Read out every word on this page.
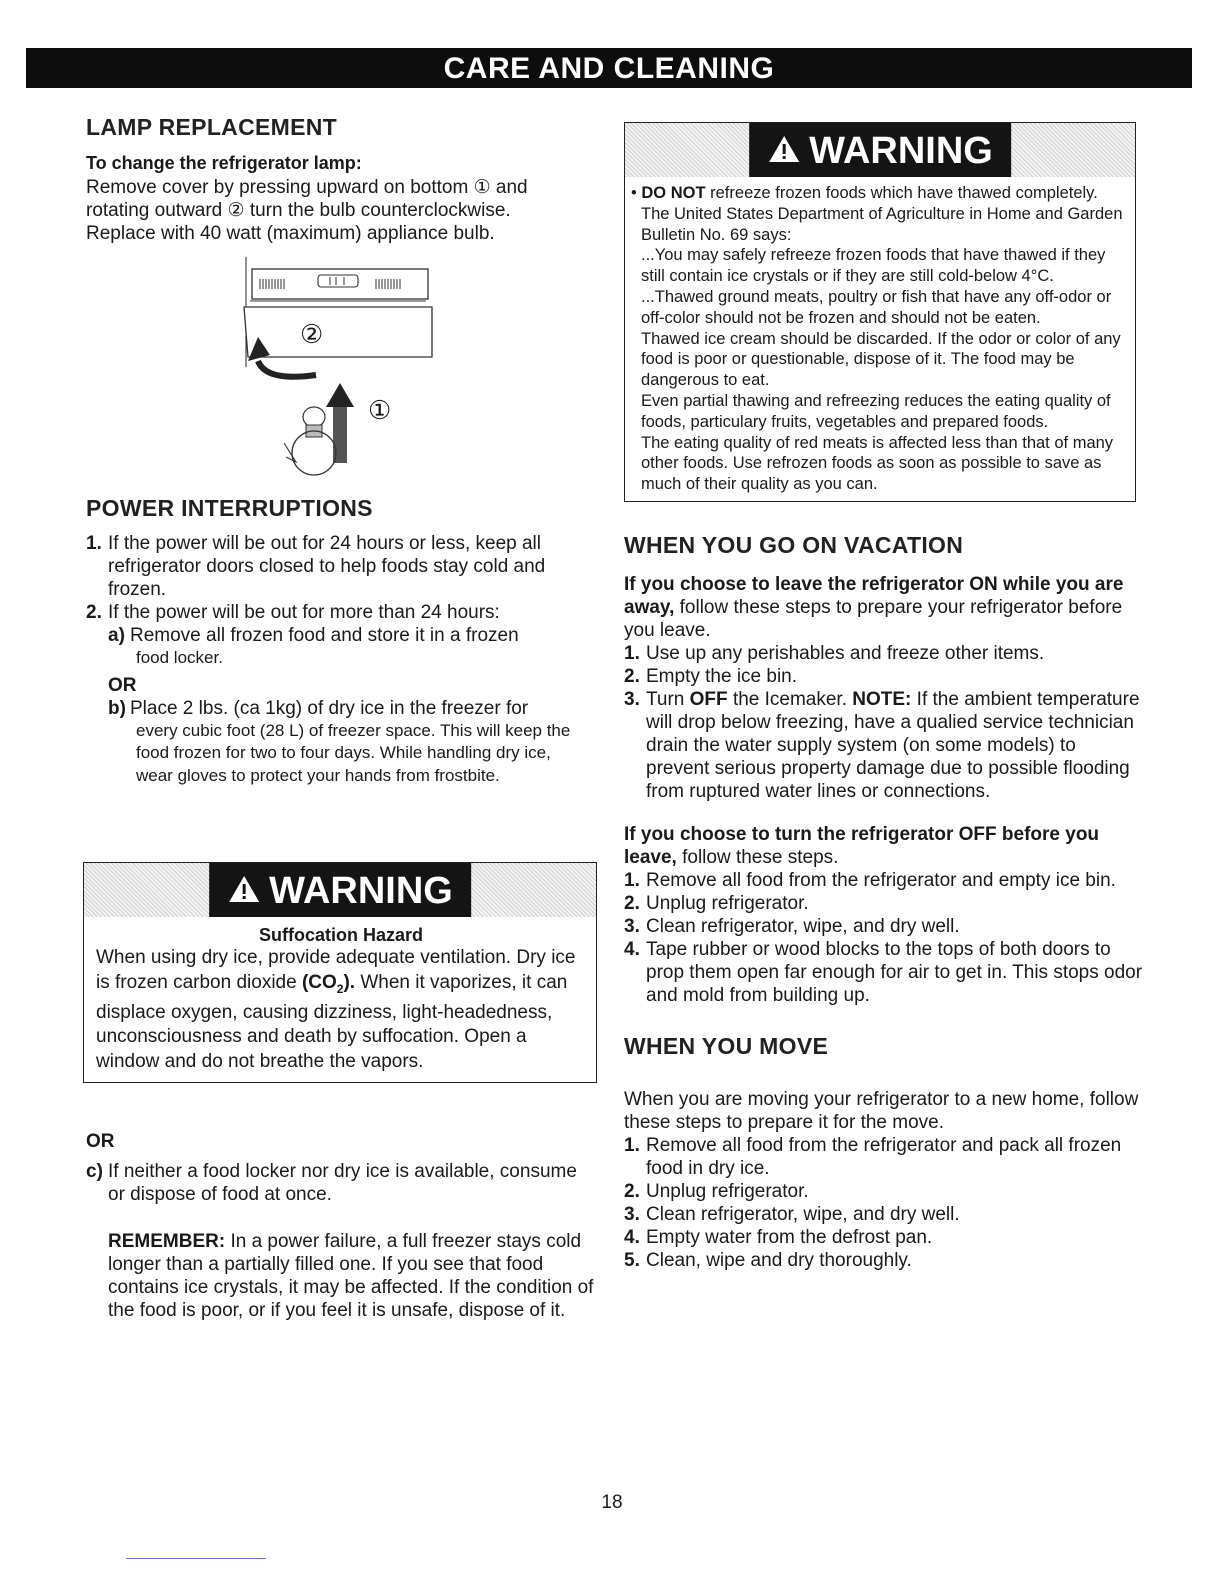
CARE AND CLEANING
LAMP REPLACEMENT

To change the refrigerator lamp:

Remove cover by pressing upward on bottom ① and rotating outward ② turn the bulb counterclockwise. Replace with 40 watt (maximum) appliance bulb.

②
①
POWER INTERRUPTIONS
1. If the power will be out for 24 hours or less, keep all refrigerator doors closed to help foods stay cold and frozen.
2. If the power will be out for more than 24 hours:
a) Remove all frozen food and store it in a frozen
food locker.
OR
b) Place 2 lbs. (ca 1kg) of dry ice in the freezer for
every cubic foot (28 L) of freezer space. This will keep the food frozen for two to four days. While handling dry ice, wear gloves to protect your hands from frostbite.
WARNING
Suffocation Hazard
When using dry ice, provide adequate ventilation. Dry ice is frozen carbon dioxide $(CO_2)$. When it vaporizes, it can displace oxygen, causing dizziness, light-headedness, unconsciousness and death by suffocation. Open a window and do not breathe the vapors.
OR
c) If neither a food locker nor dry ice is available, consume or dispose of food at once.
REMEMBER: In a power failure, a full freezer stays cold longer than a partially filled one. If you see that food contains ice crystals, it may be affected. If the condition of the food is poor, or if you feel it is unsafe, dispose of it.
WARNING
• DO NOT refreeze frozen foods which have thawed completely.
The United States Department of Agriculture in Home and Garden Bulletin No. 69 says:
...You may safely refreeze frozen foods that have thawed if they still contain ice crystals or if they are still cold-below 4°C.
...Thawed ground meats, poultry or fish that have any off-odor or off-color should not be frozen and should not be eaten.
Thawed ice cream should be discarded. If the odor or color of any food is poor or questionable, dispose of it. The food may be dangerous to eat.
Even partial thawing and refreezing reduces the eating quality of foods, particulary fruits, vegetables and prepared foods.
The eating quality of red meats is affected less than that of many other foods. Use refrozen foods as soon as possible to save as much of their quality as you can.
WHEN YOU GO ON VACATION
If you choose to leave the refrigerator ON while you are away, follow these steps to prepare your refrigerator before you leave.
1. Use up any perishables and freeze other items.
2. Empty the ice bin.
3. Turn OFF the Icemaker. NOTE: If the ambient temperature will drop below freezing, have a qualied service technician drain the water supply system (on some models) to prevent serious property damage due to possible flooding from ruptured water lines or connections.
If you choose to turn the refrigerator OFF before you leave, follow these steps.
1. Remove all food from the refrigerator and empty ice bin.
2. Unplug refrigerator.
3. Clean refrigerator, wipe, and dry well.
4. Tape rubber or wood blocks to the tops of both doors to prop them open far enough for air to get in. This stops odor and mold from building up.
WHEN YOU MOVE
When you are moving your refrigerator to a new home, follow these steps to prepare it for the move.
1. Remove all food from the refrigerator and pack all frozen food in dry ice.
2. Unplug refrigerator.
3. Clean refrigerator, wipe, and dry well.
4. Empty water from the defrost pan.
5. Clean, wipe and dry thoroughly.
18
